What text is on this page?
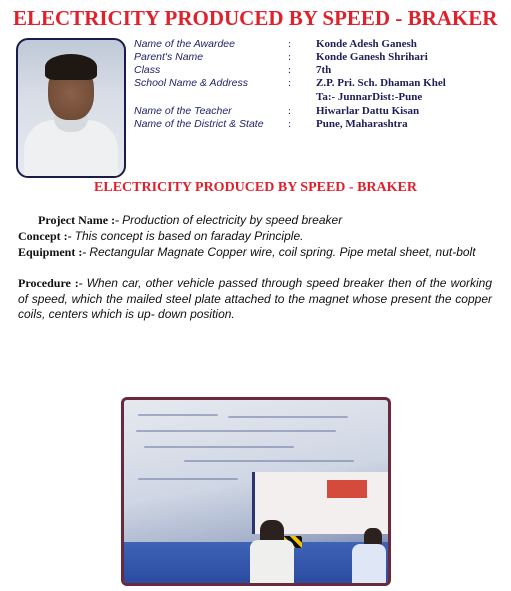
ELECTRICITY PRODUCED BY SPEED - BRAKER
Name of the Awardee	: Konde Adesh Ganesh
Parent's Name	: Konde Ganesh Shrihari
Class	: 7th
School Name & Address	: Z.P. Pri. Sch. Dhaman Khel
Ta:- JunnarDist:-Pune
Name of the Teacher	: Hiwarlar Dattu Kisan
Name of the District & State : Pune, Maharashtra
ELECTRICITY PRODUCED BY SPEED - BRAKER
Project Name :- Production of electricity by speed breaker
Concept :- This concept is based on faraday Principle.
Equipment :- Rectangular Magnate Copper wire, coil spring. Pipe metal sheet, nut-bolt
Procedure :- When car, other vehicle passed through speed breaker then of the working of speed, which the mailed steel plate attached to the magnet whose present the copper coils, centers which is up- down position.
